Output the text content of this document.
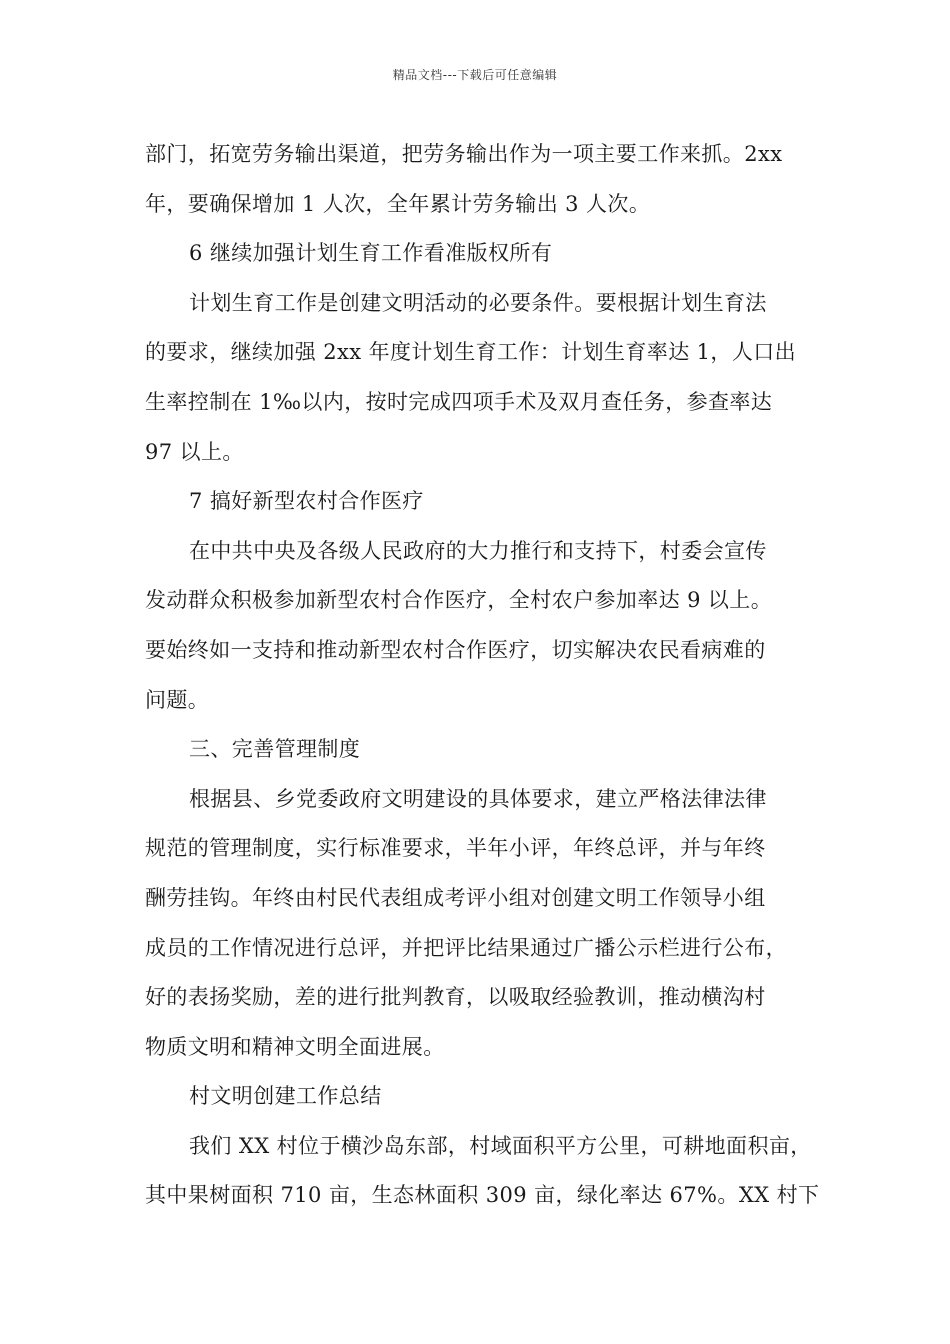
精品文档---下载后可任意编辑
部门，拓宽劳务输出渠道，把劳务输出作为一项主要工作来抓。2xx
年，要确保增加 1 人次，全年累计劳务输出 3 人次。
6 继续加强计划生育工作看准版权所有
计划生育工作是创建文明活动的必要条件。要根据计划生育法
的要求，继续加强 2xx 年度计划生育工作：计划生育率达 1，人口出
生率控制在 1‰以内，按时完成四项手术及双月查任务，参查率达
97 以上。
7 搞好新型农村合作医疗
在中共中央及各级人民政府的大力推行和支持下，村委会宣传
发动群众积极参加新型农村合作医疗，全村农户参加率达 9 以上。
要始终如一支持和推动新型农村合作医疗，切实解决农民看病难的
问题。
三、完善管理制度
根据县、乡党委政府文明建设的具体要求，建立严格法律法律
规范的管理制度，实行标准要求，半年小评，年终总评，并与年终
酬劳挂钩。年终由村民代表组成考评小组对创建文明工作领导小组
成员的工作情况进行总评，并把评比结果通过广播公示栏进行公布，
好的表扬奖励，差的进行批判教育，以吸取经验教训，推动横沟村
物质文明和精神文明全面进展。
村文明创建工作总结
我们 XX 村位于横沙岛东部，村域面积平方公里，可耕地面积亩，
其中果树面积 710 亩，生态林面积 309 亩，绿化率达 67%。XX 村下
